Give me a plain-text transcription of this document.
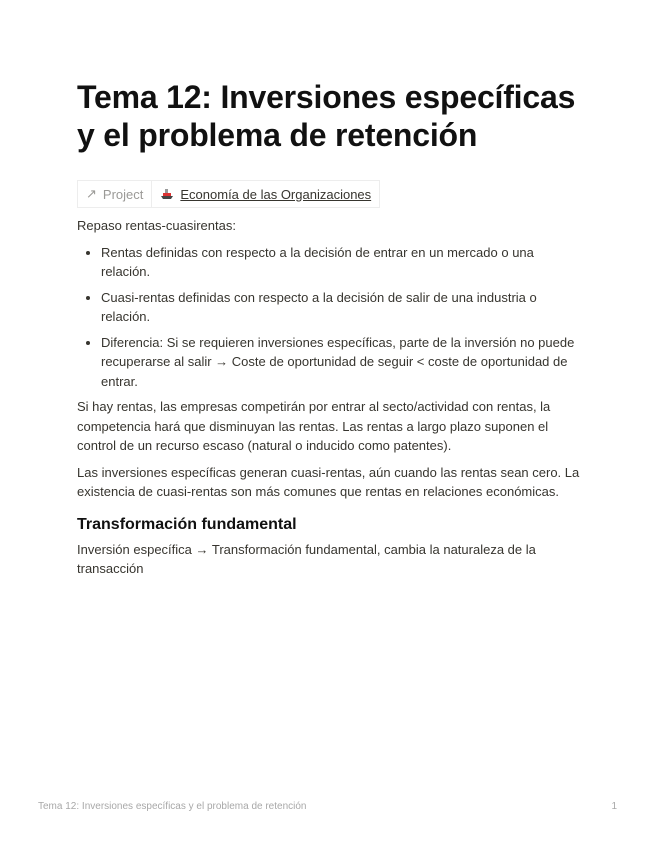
Tema 12: Inversiones específicas y el problema de retención
↗ Project	Economía de las Organizaciones

Repaso rentas-cuasirentas:

• Rentas definidas con respecto a la decisión de entrar en un mercado o una relación.
• Cuasi-rentas definidas con respecto a la decisión de salir de una industria o relación.
• Diferencia: Si se requieren inversiones específicas, parte de la inversión no puede recuperarse al salir → Coste de oportunidad de seguir < coste de oportunidad de entrar.

Si hay rentas, las empresas competirán por entrar al secto/actividad con rentas, la competencia hará que disminuyan las rentas. Las rentas a largo plazo suponen el control de un recurso escaso (natural o inducido como patentes).

Las inversiones específicas generan cuasi-rentas, aún cuando las rentas sean cero. La existencia de cuasi-rentas son más comunes que rentas en relaciones económicas.

Transformación fundamental

Inversión específica → Transformación fundamental, cambia la naturaleza de la transacción

Tema 12: Inversiones específicas y el problema de retención	1
